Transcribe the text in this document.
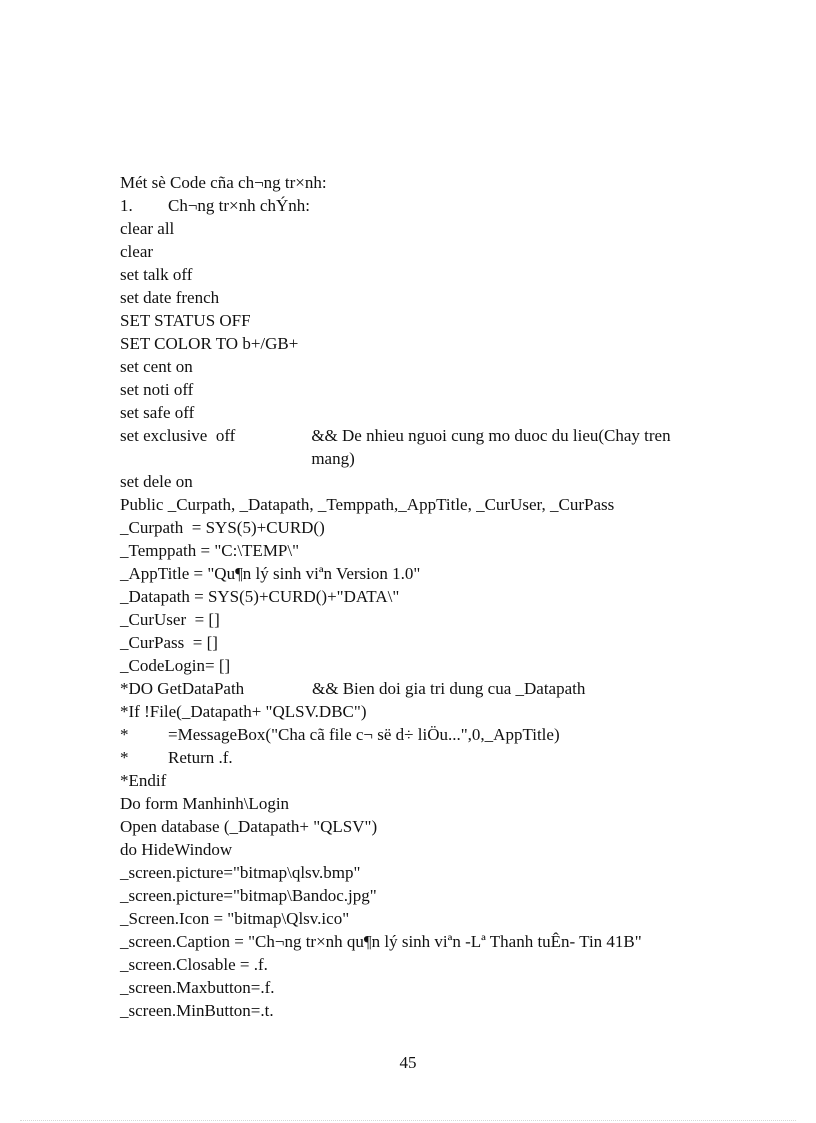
Mét sè Code cña ch¬ng tr×nh:
1.	Ch¬ng tr×nh chÝnh:
clear all
clear
set talk off
set date french
SET STATUS OFF
SET COLOR TO b+/GB+
set cent on
set noti off
set safe off
set exclusive  off	&& De nhieu nguoi cung mo duoc du lieu(Chay tren mang)
set dele on
Public _Curpath, _Datapath, _Temppath,_AppTitle, _CurUser, _CurPass
_Curpath  = SYS(5)+CURD()
_Temppath = "C:\TEMP\"
_AppTitle = "Qu¶n lý sinh viªn Version 1.0"
_Datapath = SYS(5)+CURD()+"DATA\"
_CurUser  = []
_CurPass  = []
_CodeLogin= []
*DO GetDataPath	&& Bien doi gia tri dung cua _Datapath
*If !File(_Datapath+ "QLSV.DBC")
*	=MessageBox("Cha cã file c¬ së d÷ liÖu...",0,_AppTitle)
*	Return .f.
*Endif
Do form Manhinh\Login
Open database (_Datapath+ "QLSV")
do HideWindow
_screen.picture="bitmap\qlsv.bmp"
_screen.picture="bitmap\Bandoc.jpg"
_Screen.Icon = "bitmap\Qlsv.ico"
_screen.Caption = "Ch¬ng tr×nh qu¶n lý sinh viªn -Lª Thanh tuÊn- Tin 41B"
_screen.Closable = .f.
_screen.Maxbutton=.f.
_screen.MinButton=.t.
45
